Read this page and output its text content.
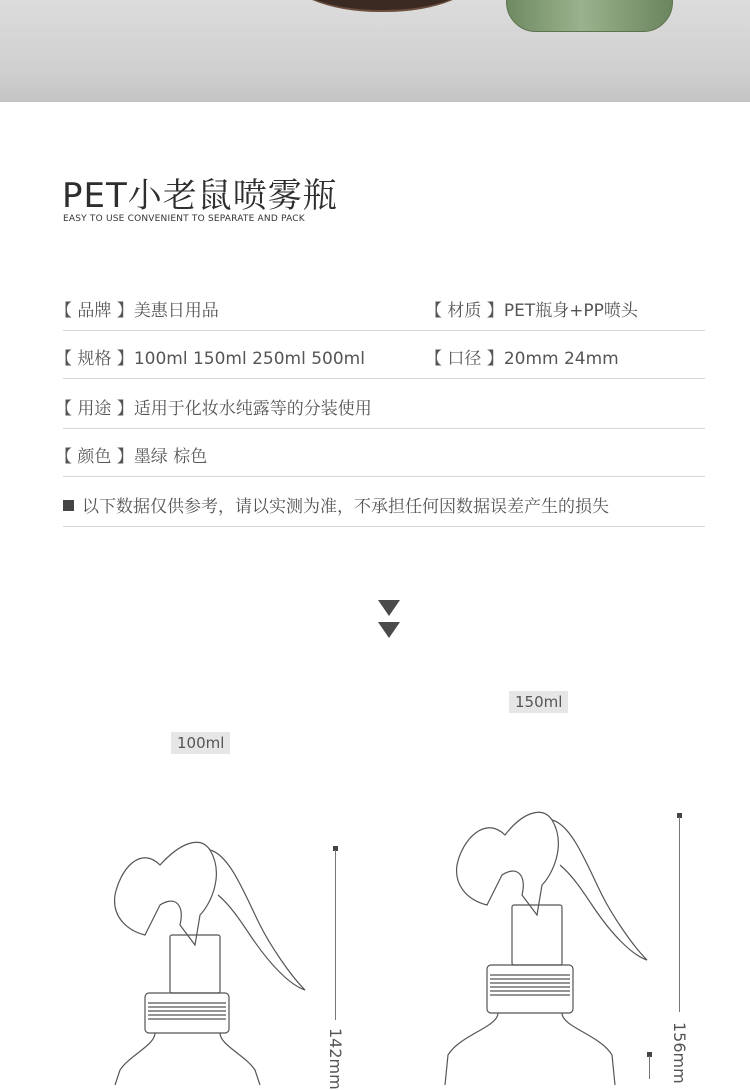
PET小老鼠喷雾瓶
EASY TO USE CONVENIENT TO SEPARATE AND PACK
【 品牌 】美惠日用品	【 材质 】PET瓶身+PP喷头
【 规格 】100ml 150ml 250ml 500ml	【 口径 】20mm 24mm
【 用途 】适用于化妆水纯露等的分装使用
【 颜色 】墨绿 棕色
以下数据仅供参考，请以实测为准，不承担任何因数据误差产生的损失
100ml
150ml
142mm	156mm
